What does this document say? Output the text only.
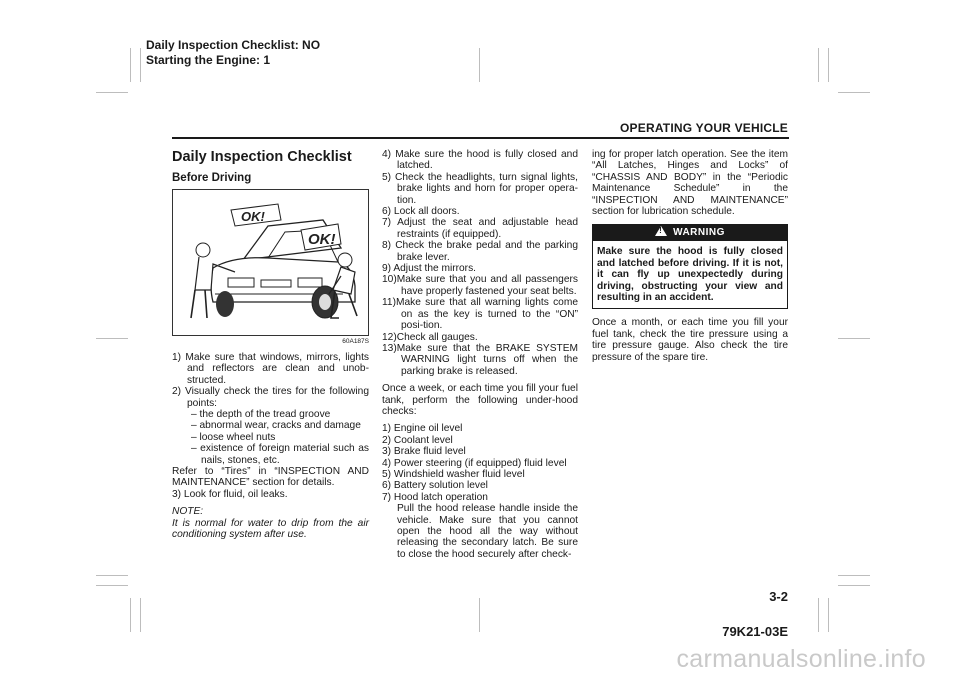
Daily Inspection Checklist: NO
Starting the Engine: 1
OPERATING YOUR VEHICLE
Daily Inspection Checklist
Before Driving
OK!
OK!
60A187S
1) Make sure that windows, mirrors, lights and reflectors are clean and unob-structed.
2) Visually check the tires for the following points:
– the depth of the tread groove
– abnormal wear, cracks and damage
– loose wheel nuts
– existence of foreign material such as nails, stones, etc.
Refer to “Tires” in “INSPECTION AND MAINTENANCE” section for details.
3) Look for fluid, oil leaks.
NOTE:
It is normal for water to drip from the air conditioning system after use.
4) Make sure the hood is fully closed and latched.
5) Check the headlights, turn signal lights, brake lights and horn for proper opera-tion.
6) Lock all doors.
7) Adjust the seat and adjustable head restraints (if equipped).
8) Check the brake pedal and the parking brake lever.
9) Adjust the mirrors.
10)Make sure that you and all passengers have properly fastened your seat belts.
11)Make sure that all warning lights come on as the key is turned to the “ON” posi-tion.
12)Check all gauges.
13)Make sure that the BRAKE SYSTEM WARNING light turns off when the parking brake is released.
Once a week, or each time you fill your fuel tank, perform the following under-hood checks:
1) Engine oil level
2) Coolant level
3) Brake fluid level
4) Power steering (if equipped) fluid level
5) Windshield washer fluid level
6) Battery solution level
7) Hood latch operation
Pull the hood release handle inside the vehicle. Make sure that you cannot open the hood all the way without releasing the secondary latch. Be sure to close the hood securely after check-
ing for proper latch operation. See the item “All Latches, Hinges and Locks” of “CHASSIS AND BODY” in the “Periodic Maintenance Schedule” in the “INSPECTION AND MAINTENANCE” section for lubrication schedule.
!WARNING
Make sure the hood is fully closed and latched before driving. If it is not, it can fly up unexpectedly during driving, obstructing your view and resulting in an accident.
Once a month, or each time you fill your fuel tank, check the tire pressure using a tire pressure gauge. Also check the tire pressure of the spare tire.
3-2
79K21-03E
carmanualsonline.info
